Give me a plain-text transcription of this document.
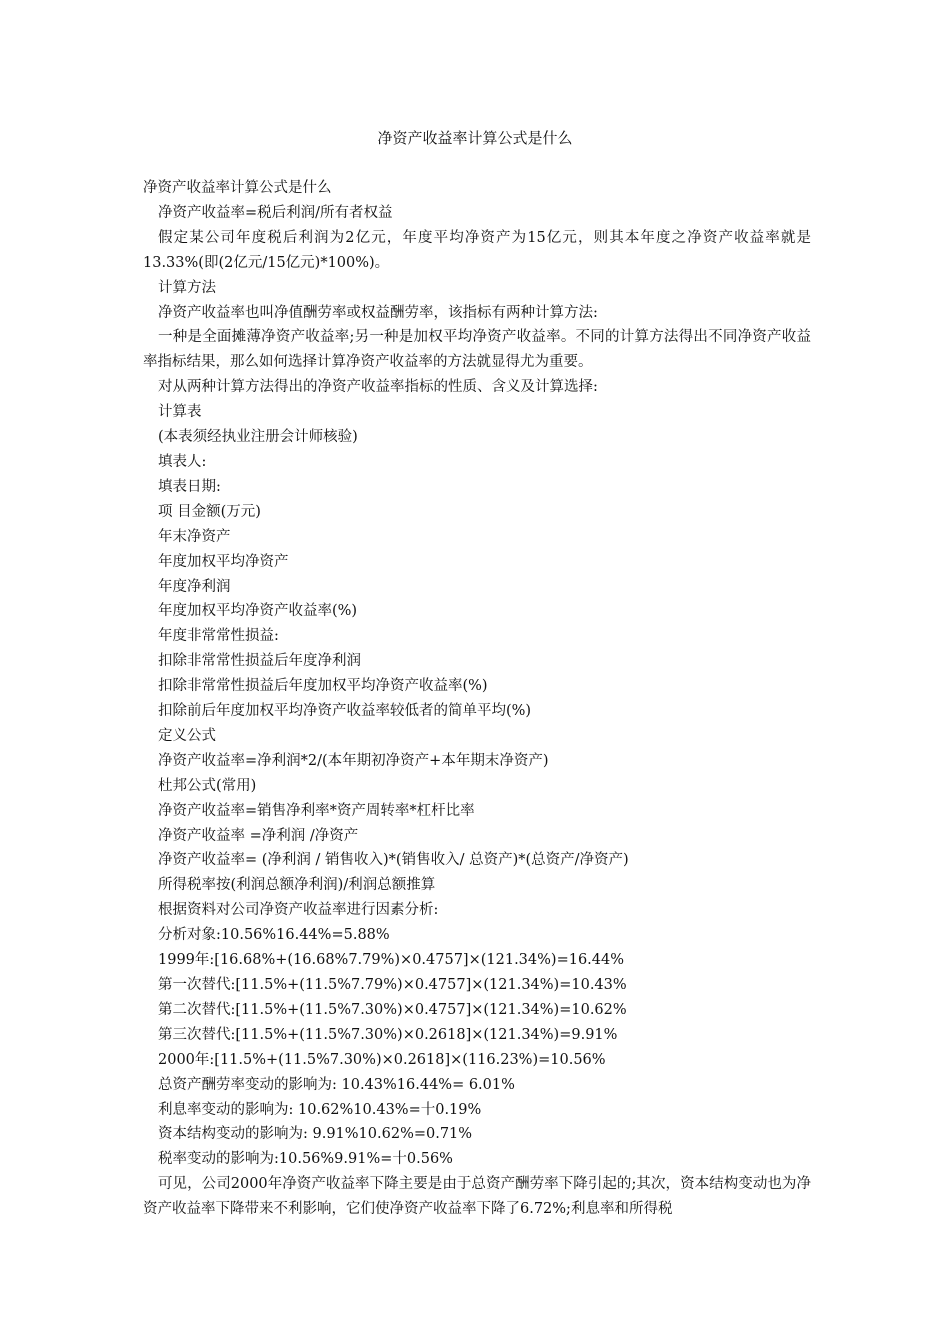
净资产收益率计算公式是什么

净资产收益率计算公式是什么

净资产收益率=税后利润/所有者权益

假定某公司年度税后利润为2亿元，年度平均净资产为15亿元，则其本年度之净资产收益率就是13.33%(即(2亿元/15亿元)*100%)。

计算方法

净资产收益率也叫净值酬劳率或权益酬劳率，该指标有两种计算方法:

一种是全面摊薄净资产收益率;另一种是加权平均净资产收益率。不同的计算方法得出不同净资产收益率指标结果，那么如何选择计算净资产收益率的方法就显得尤为重要。

对从两种计算方法得出的净资产收益率指标的性质、含义及计算选择:

计算表

(本表须经执业注册会计师核验)

填表人:

填表日期:

项 目金额(万元)

年末净资产

年度加权平均净资产

年度净利润

年度加权平均净资产收益率(%)

年度非常常性损益:

扣除非常常性损益后年度净利润

扣除非常常性损益后年度加权平均净资产收益率(%)

扣除前后年度加权平均净资产收益率较低者的简单平均(%)

定义公式

净资产收益率=净利润*2/(本年期初净资产+本年期末净资产)

杜邦公式(常用)

净资产收益率=销售净利率*资产周转率*杠杆比率

净资产收益率 =净利润 /净资产

净资产收益率= (净利润 / 销售收入)*(销售收入/ 总资产)*(总资产/净资产)

所得税率按(利润总额净利润)/利润总额推算

根据资料对公司净资产收益率进行因素分析:

分析对象:10.56%16.44%=5.88%

1999年:[16.68%+(16.68%7.79%)×0.4757]×(121.34%)=16.44%

第一次替代:[11.5%+(11.5%7.79%)×0.4757]×(121.34%)=10.43%

第二次替代:[11.5%+(11.5%7.30%)×0.4757]×(121.34%)=10.62%

第三次替代:[11.5%+(11.5%7.30%)×0.2618]×(121.34%)=9.91%

2000年:[11.5%+(11.5%7.30%)×0.2618]×(116.23%)=10.56%

总资产酬劳率变动的影响为: 10.43%16.44%= 6.01%

利息率变动的影响为: 10.62%10.43%=十0.19%

资本结构变动的影响为: 9.91%10.62%=0.71%

税率变动的影响为:10.56%9.91%=十0.56%

可见，公司2000年净资产收益率下降主要是由于总资产酬劳率下降引起的;其次，资本结构变动也为净资产收益率下降带来不利影响，它们使净资产收益率下降了6.72%;利息率和所得税
